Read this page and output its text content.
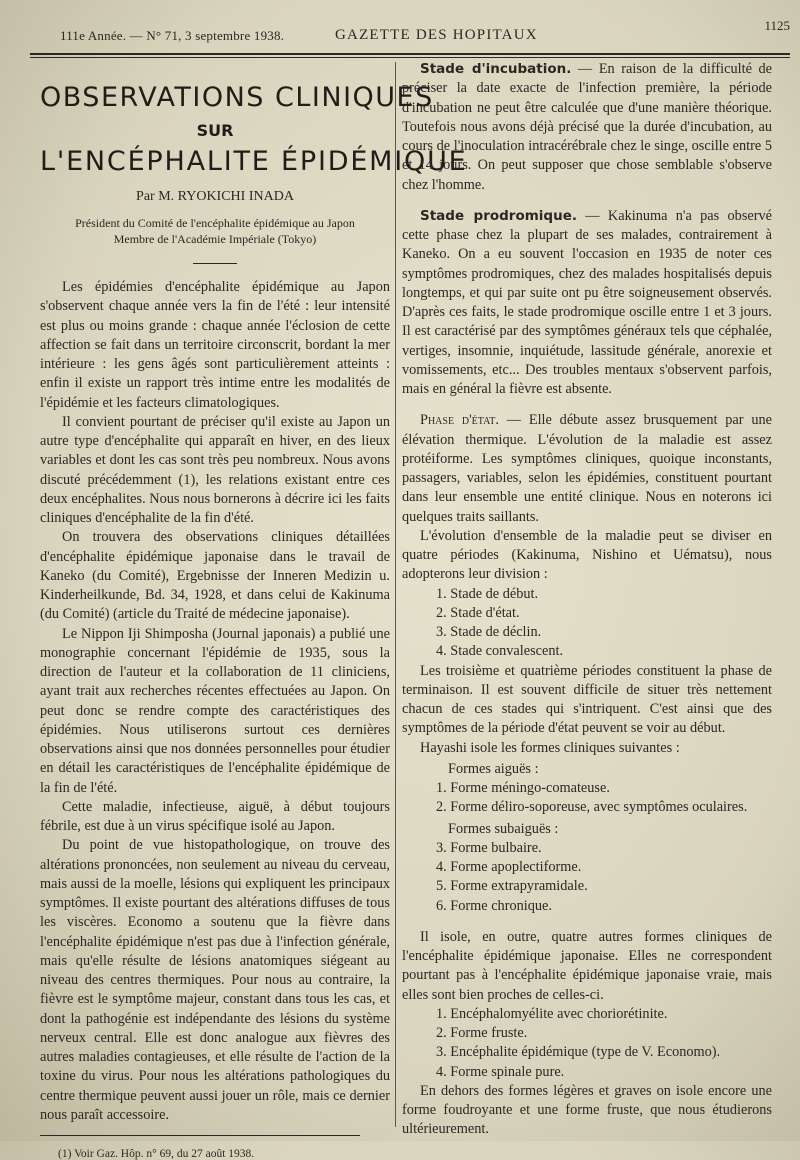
111e Année. — N° 71, 3 septembre 1938.	GAZETTE DES HOPITAUX
1125
OBSERVATIONS CLINIQUES
SUR
L'ENCÉPHALITE ÉPIDÉMIQUE
Par M. RYOKICHI INADA
Président du Comité de l'encéphalite épidémique au Japon
Membre de l'Académie Impériale (Tokyo)

Les épidémies d'encéphalite épidémique au Japon s'observent chaque année vers la fin de l'été : leur intensité est plus ou moins grande : chaque année l'éclosion de cette affection se fait dans un territoire circonscrit, bordant la mer intérieure : les gens âgés sont particulièrement atteints : enfin il existe un rapport très intime entre les modalités de l'épidémie et les facteurs climatologiques.

Il convient pourtant de préciser qu'il existe au Japon un autre type d'encéphalite qui apparaît en hiver, en des lieux variables et dont les cas sont très peu nombreux. Nous avons discuté précédemment (1), les relations existant entre ces deux encéphalites. Nous nous bornerons à décrire ici les faits cliniques d'encéphalite de la fin d'été.

On trouvera des observations cliniques détaillées d'encéphalite épidémique japonaise dans le travail de Kaneko (du Comité), Ergebnisse der Inneren Medizin u. Kinderheilkunde, Bd. 34, 1928, et dans celui de Kakinuma (du Comité) (article du Traité de médecine japonaise).

Le Nippon Iji Shimposha (Journal japonais) a publié une monographie concernant l'épidémie de 1935, sous la direction de l'auteur et la collaboration de 11 cliniciens, ayant trait aux recherches récentes effectuées au Japon. On peut donc se rendre compte des caractéristiques des épidémies. Nous utiliserons surtout ces dernières observations ainsi que nos données personnelles pour étudier en détail les caractéristiques de l'encéphalite épidémique de la fin de l'été.

Cette maladie, infectieuse, aiguë, à début toujours fébrile, est due à un virus spécifique isolé au Japon.

Du point de vue histopathologique, on trouve des altérations prononcées, non seulement au niveau du cerveau, mais aussi de la moelle, lésions qui expliquent les principaux symptômes. Il existe pourtant des altérations diffuses de tous les viscères. Economo a soutenu que la fièvre dans l'encéphalite épidémique n'est pas due à l'infection générale, mais qu'elle résulte de lésions anatomiques siégeant au niveau des centres thermiques. Pour nous au contraire, la fièvre est le symptôme majeur, constant dans tous les cas, et dont la pathogénie est indépendante des lésions du système nerveux central. Elle est donc analogue aux fièvres des autres maladies contagieuses, et elle résulte de l'action de la toxine du virus. Pour nous les altérations pathologiques du centre thermique peuvent aussi jouer un rôle, mais ce dernier nous paraît accessoire.

(1) Voir Gaz. Hôp. n° 69, du 27 août 1938.

Stade d'incubation. — En raison de la difficulté de préciser la date exacte de l'infection première, la période d'incubation ne peut être calculée que d'une manière théorique. Toutefois nous avons déjà précisé que la durée d'incubation, au cours de l'inoculation intracérébrale chez le singe, oscille entre 5 et 14 jours. On peut supposer que chose semblable s'observe chez l'homme.

Stade prodromique. — Kakinuma n'a pas observé cette phase chez la plupart de ses malades, contrairement à Kaneko. On a eu souvent l'occasion en 1935 de noter ces symptômes prodromiques, chez des malades hospitalisés depuis longtemps, et qui par suite ont pu être soigneusement observés. D'après ces faits, le stade prodromique oscille entre 1 et 3 jours. Il est caractérisé par des symptômes généraux tels que céphalée, vertiges, insomnie, inquiétude, lassitude générale, anorexie et vomissements, etc... Des troubles mentaux s'observent parfois, mais en général la fièvre est absente.

Phase d'état. — Elle débute assez brusquement par une élévation thermique. L'évolution de la maladie est assez protéiforme. Les symptômes cliniques, quoique inconstants, passagers, variables, selon les épidémies, constituent pourtant dans leur ensemble une entité clinique. Nous en noterons ici quelques traits saillants.

L'évolution d'ensemble de la maladie peut se diviser en quatre périodes (Kakinuma, Nishino et Uématsu), nous adopterons leur division :

1. Stade de début.
2. Stade d'état.
3. Stade de déclin.
4. Stade convalescent.

Les troisième et quatrième périodes constituent la phase de terminaison. Il est souvent difficile de situer très nettement chacun de ces stades qui s'intriquent. C'est ainsi que des symptômes de la période d'état peuvent se voir au début.

Hayashi isole les formes cliniques suivantes :

Formes aiguës :
1. Forme méningo-comateuse.
2. Forme déliro-soporeuse, avec symptômes oculaires.
Formes subaiguës :
3. Forme bulbaire.
4. Forme apoplectiforme.
5. Forme extrapyramidale.
6. Forme chronique.

Il isole, en outre, quatre autres formes cliniques de l'encéphalite épidémique japonaise. Elles ne correspondent pourtant pas à l'encéphalite épidémique japonaise vraie, mais elles sont bien proches de celles-ci.

1. Encéphalomyélite avec choriorétinite.
2. Forme fruste.
3. Encéphalite épidémique (type de V. Economo).
4. Forme spinale pure.

En dehors des formes légères et graves on isole encore une forme foudroyante et une forme fruste, que nous étudierons ultérieurement.
